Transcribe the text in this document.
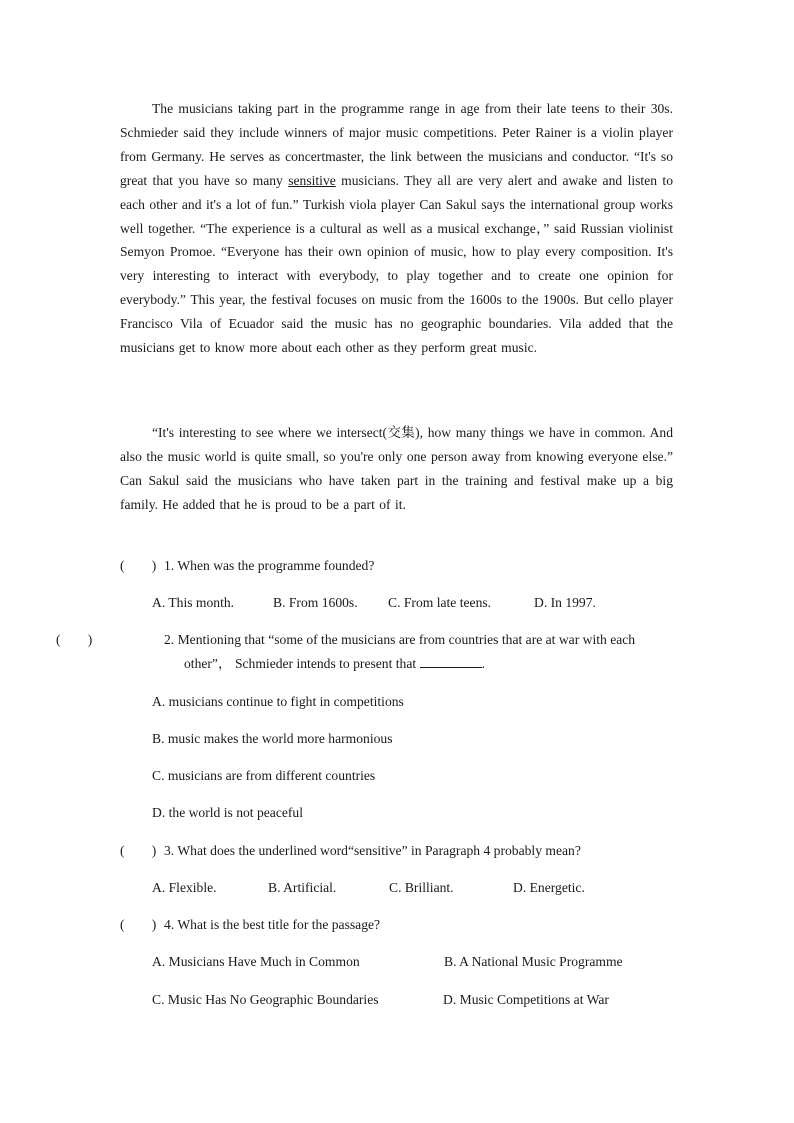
The musicians taking part in the programme range in age from their late teens to their 30s. Schmieder said they include winners of major music competitions. Peter Rainer is a violin player from Germany. He serves as concertmaster, the link between the musicians and conductor. “It's so great that you have so many sensitive musicians. They all are very alert and awake and listen to each other and it's a lot of fun.” Turkish viola player Can Sakul says the international group works well together. “The experience is a cultural as well as a musical exchange，” said Russian violinist Semyon Promoe. “Everyone has their own opinion of music, how to play every composition. It's very interesting to interact with everybody, to play together and to create one opinion for everybody.” This year, the festival focuses on music from the 1600s to the 1900s. But cello player Francisco Vila of Ecuador said the music has no geographic boundaries. Vila added that the musicians get to know more about each other as they perform great music.

“It's interesting to see where we intersect(交集), how many things we have in common. And also the music world is quite small, so you're only one person away from knowing everyone else.” Can Sakul said the musicians who have taken part in the training and festival make up a big family. He added that he is proud to be a part of it.

(　　) 1. When was the programme founded?
A. This month.	B. From 1600s. C. From late teens.	D. In 1997.
(　　)	2. Mentioning that “some of the musicians are from countries that are at war with each other”， Schmieder intends to present that	.
A. musicians continue to fight in competitions
B. music makes the world more harmonious
C. musicians are from different countries
D. the world is not peaceful
(　　) 3. What does the underlined word“sensitive” in Paragraph 4 probably mean?
A. Flexible.	B. Artificial.	C. Brilliant.	D. Energetic.
(　　) 4. What is the best title for the passage?
A. Musicians Have Much in Common	B. A National Music Programme
C. Music Has No Geographic Boundaries	D. Music Competitions at War
